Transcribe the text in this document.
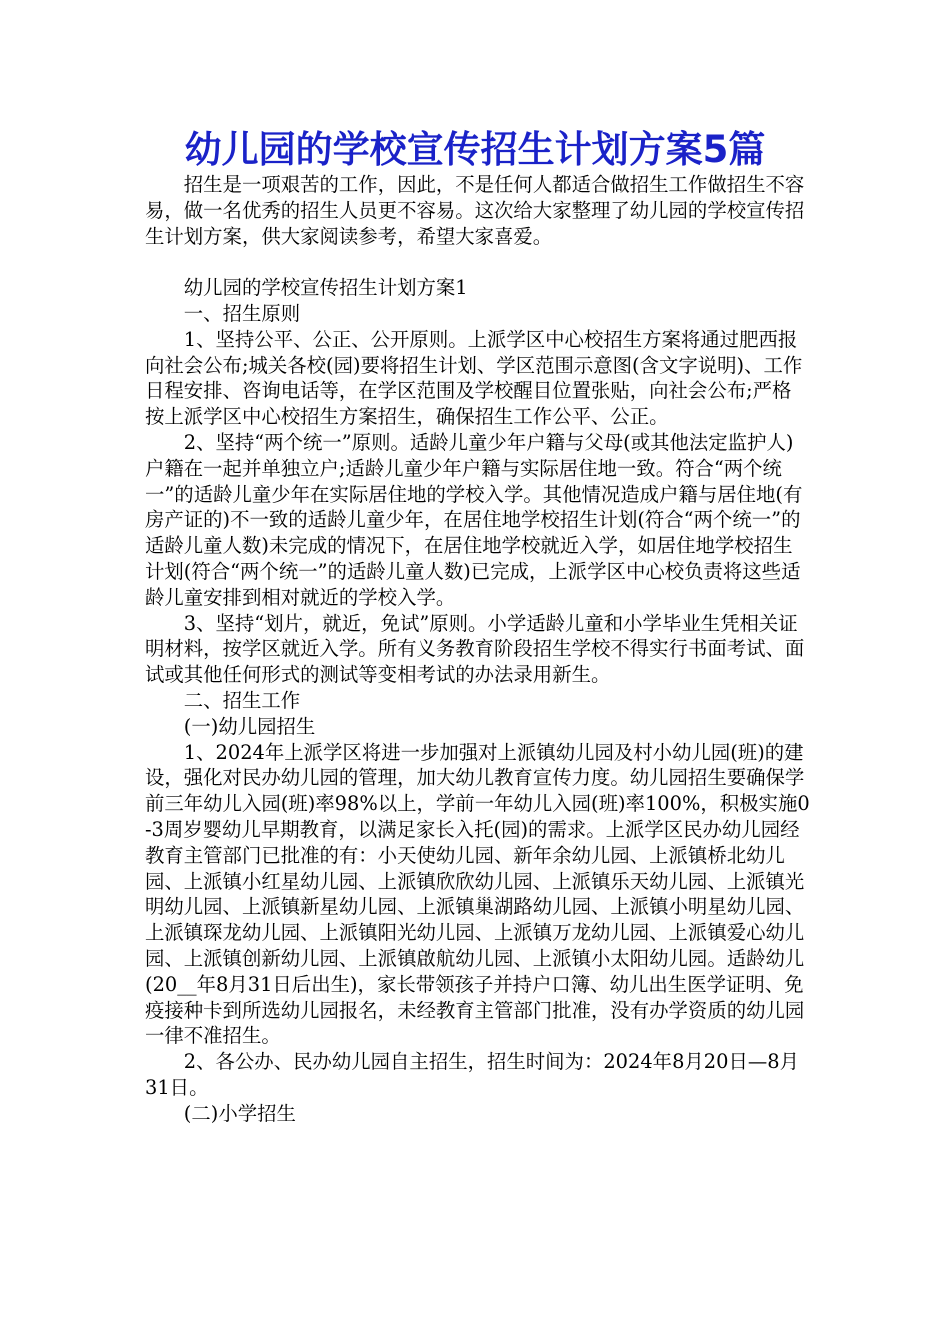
幼儿园的学校宣传招生计划方案5篇

招生是一项艰苦的工作，因此，不是任何人都适合做招生工作做招生不容易，做一名优秀的招生人员更不容易。这次给大家整理了幼儿园的学校宣传招生计划方案，供大家阅读参考，希望大家喜爱。

幼儿园的学校宣传招生计划方案1

一、招生原则

1、坚持公平、公正、公开原则。上派学区中心校招生方案将通过肥西报向社会公布;城关各校(园)要将招生计划、学区范围示意图(含文字说明)、工作日程安排、咨询电话等，在学区范围及学校醒目位置张贴，向社会公布;严格按上派学区中心校招生方案招生，确保招生工作公平、公正。

2、坚持“两个统一”原则。适龄儿童少年户籍与父母(或其他法定监护人)户籍在一起并单独立户;适龄儿童少年户籍与实际居住地一致。符合“两个统一”的适龄儿童少年在实际居住地的学校入学。其他情况造成户籍与居住地(有房产证的)不一致的适龄儿童少年，在居住地学校招生计划(符合“两个统一”的适龄儿童人数)未完成的情况下，在居住地学校就近入学，如居住地学校招生计划(符合“两个统一”的适龄儿童人数)已完成，上派学区中心校负责将这些适龄儿童安排到相对就近的学校入学。

3、坚持“划片，就近，免试”原则。小学适龄儿童和小学毕业生凭相关证明材料，按学区就近入学。所有义务教育阶段招生学校不得实行书面考试、面试或其他任何形式的测试等变相考试的办法录用新生。

二、招生工作

(一)幼儿园招生

1、2024年上派学区将进一步加强对上派镇幼儿园及村小幼儿园(班)的建设，强化对民办幼儿园的管理，加大幼儿教育宣传力度。幼儿园招生要确保学前三年幼儿入园(班)率98%以上，学前一年幼儿入园(班)率100%，积极实施0-3周岁婴幼儿早期教育，以满足家长入托(园)的需求。上派学区民办幼儿园经教育主管部门已批准的有：小天使幼儿园、新年余幼儿园、上派镇桥北幼儿园、上派镇小红星幼儿园、上派镇欣欣幼儿园、上派镇乐天幼儿园、上派镇光明幼儿园、上派镇新星幼儿园、上派镇巢湖路幼儿园、上派镇小明星幼儿园、上派镇琛龙幼儿园、上派镇阳光幼儿园、上派镇万龙幼儿园、上派镇爱心幼儿园、上派镇创新幼儿园、上派镇啟航幼儿园、上派镇小太阳幼儿园。适龄幼儿(20__年8月31日后出生)，家长带领孩子并持户口簿、幼儿出生医学证明、免疫接种卡到所选幼儿园报名，未经教育主管部门批准，没有办学资质的幼儿园一律不准招生。

2、各公办、民办幼儿园自主招生，招生时间为：2024年8月20日—8月31日。

(二)小学招生
